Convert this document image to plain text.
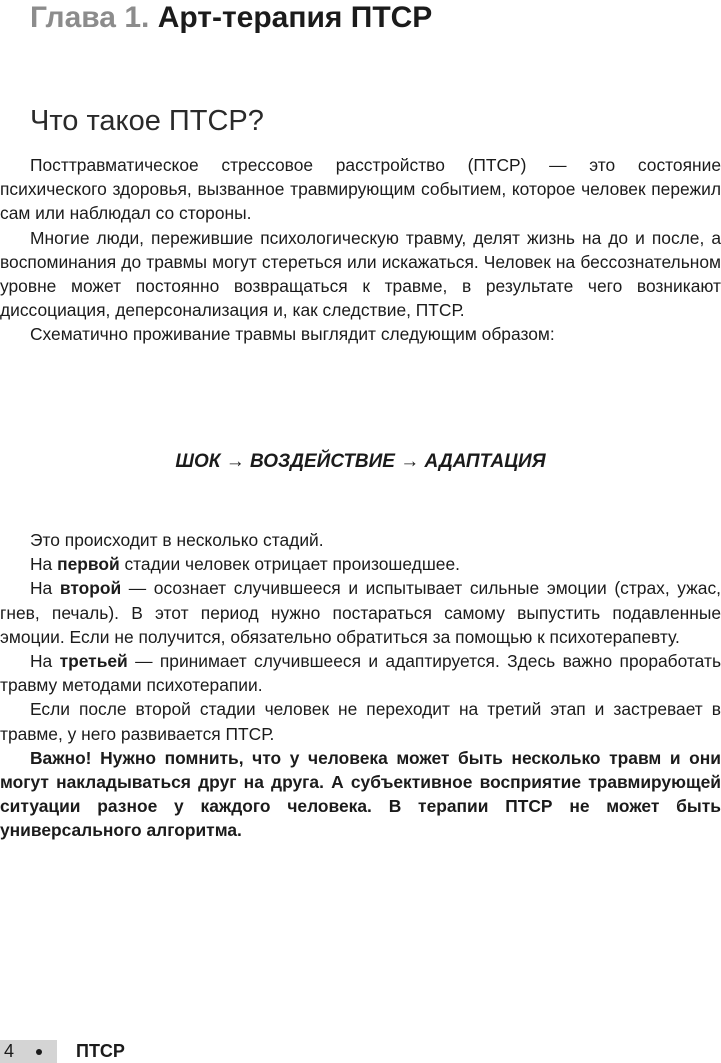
Глава 1. Арт-терапия ПТСР
Что такое ПТСР?

Посттравматическое стрессовое расстройство (ПТСР) — это состояние психического здоровья, вызванное травмирующим событием, которое человек пережил сам или наблюдал со стороны.

Многие люди, пережившие психологическую травму, делят жизнь на до и после, а воспоминания до травмы могут стереться или искажаться. Человек на бессознательном уровне может постоянно возвращаться к травме, в результате чего возникают диссоциация, деперсонализация и, как следствие, ПТСР.

Схематично проживание травмы выглядит следующим образом:

ШОК → ВОЗДЕЙСТВИЕ → АДАПТАЦИЯ

Это происходит в несколько стадий.

На первой стадии человек отрицает произошедшее.

На второй — осознает случившееся и испытывает сильные эмоции (страх, ужас, гнев, печаль). В этот период нужно постараться самому выпустить подавленные эмоции. Если не получится, обязательно обратиться за помощью к психотерапевту.

На третьей — принимает случившееся и адаптируется. Здесь важно проработать травму методами психотерапии.

Если после второй стадии человек не переходит на третий этап и застревает в травме, у него развивается ПТСР.

Важно! Нужно помнить, что у человека может быть несколько травм и они могут накладываться друг на друга. А субъективное восприятие травмирующей ситуации разное у каждого человека. В терапии ПТСР не может быть универсального алгоритма.

4	ПТСР
